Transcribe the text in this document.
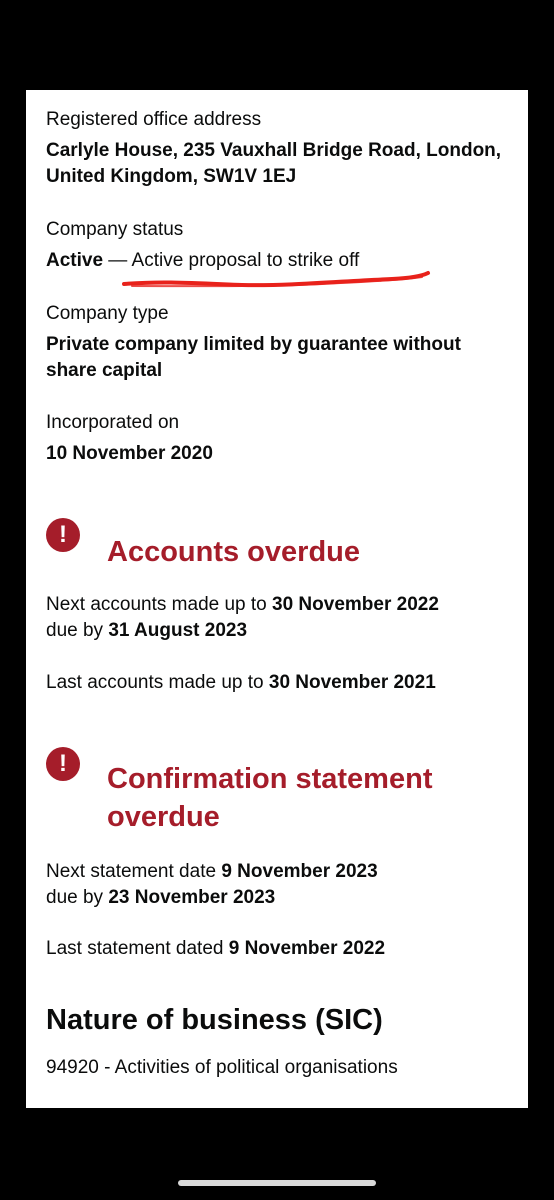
Registered office address
Carlyle House, 235 Vauxhall Bridge Road, London,
United Kingdom, SW1V 1EJ
Company status
Active — Active proposal to strike off
Company type
Private company limited by guarantee without
share capital
Incorporated on
10 November 2020
!
Accounts overdue
Next accounts made up to 30 November 2022
due by 31 August 2023
Last accounts made up to 30 November 2021
!	Confirmation statement
overdue
Next statement date 9 November 2023
due by 23 November 2023
Last statement dated 9 November 2022
Nature of business (SIC)
94920 - Activities of political organisations
